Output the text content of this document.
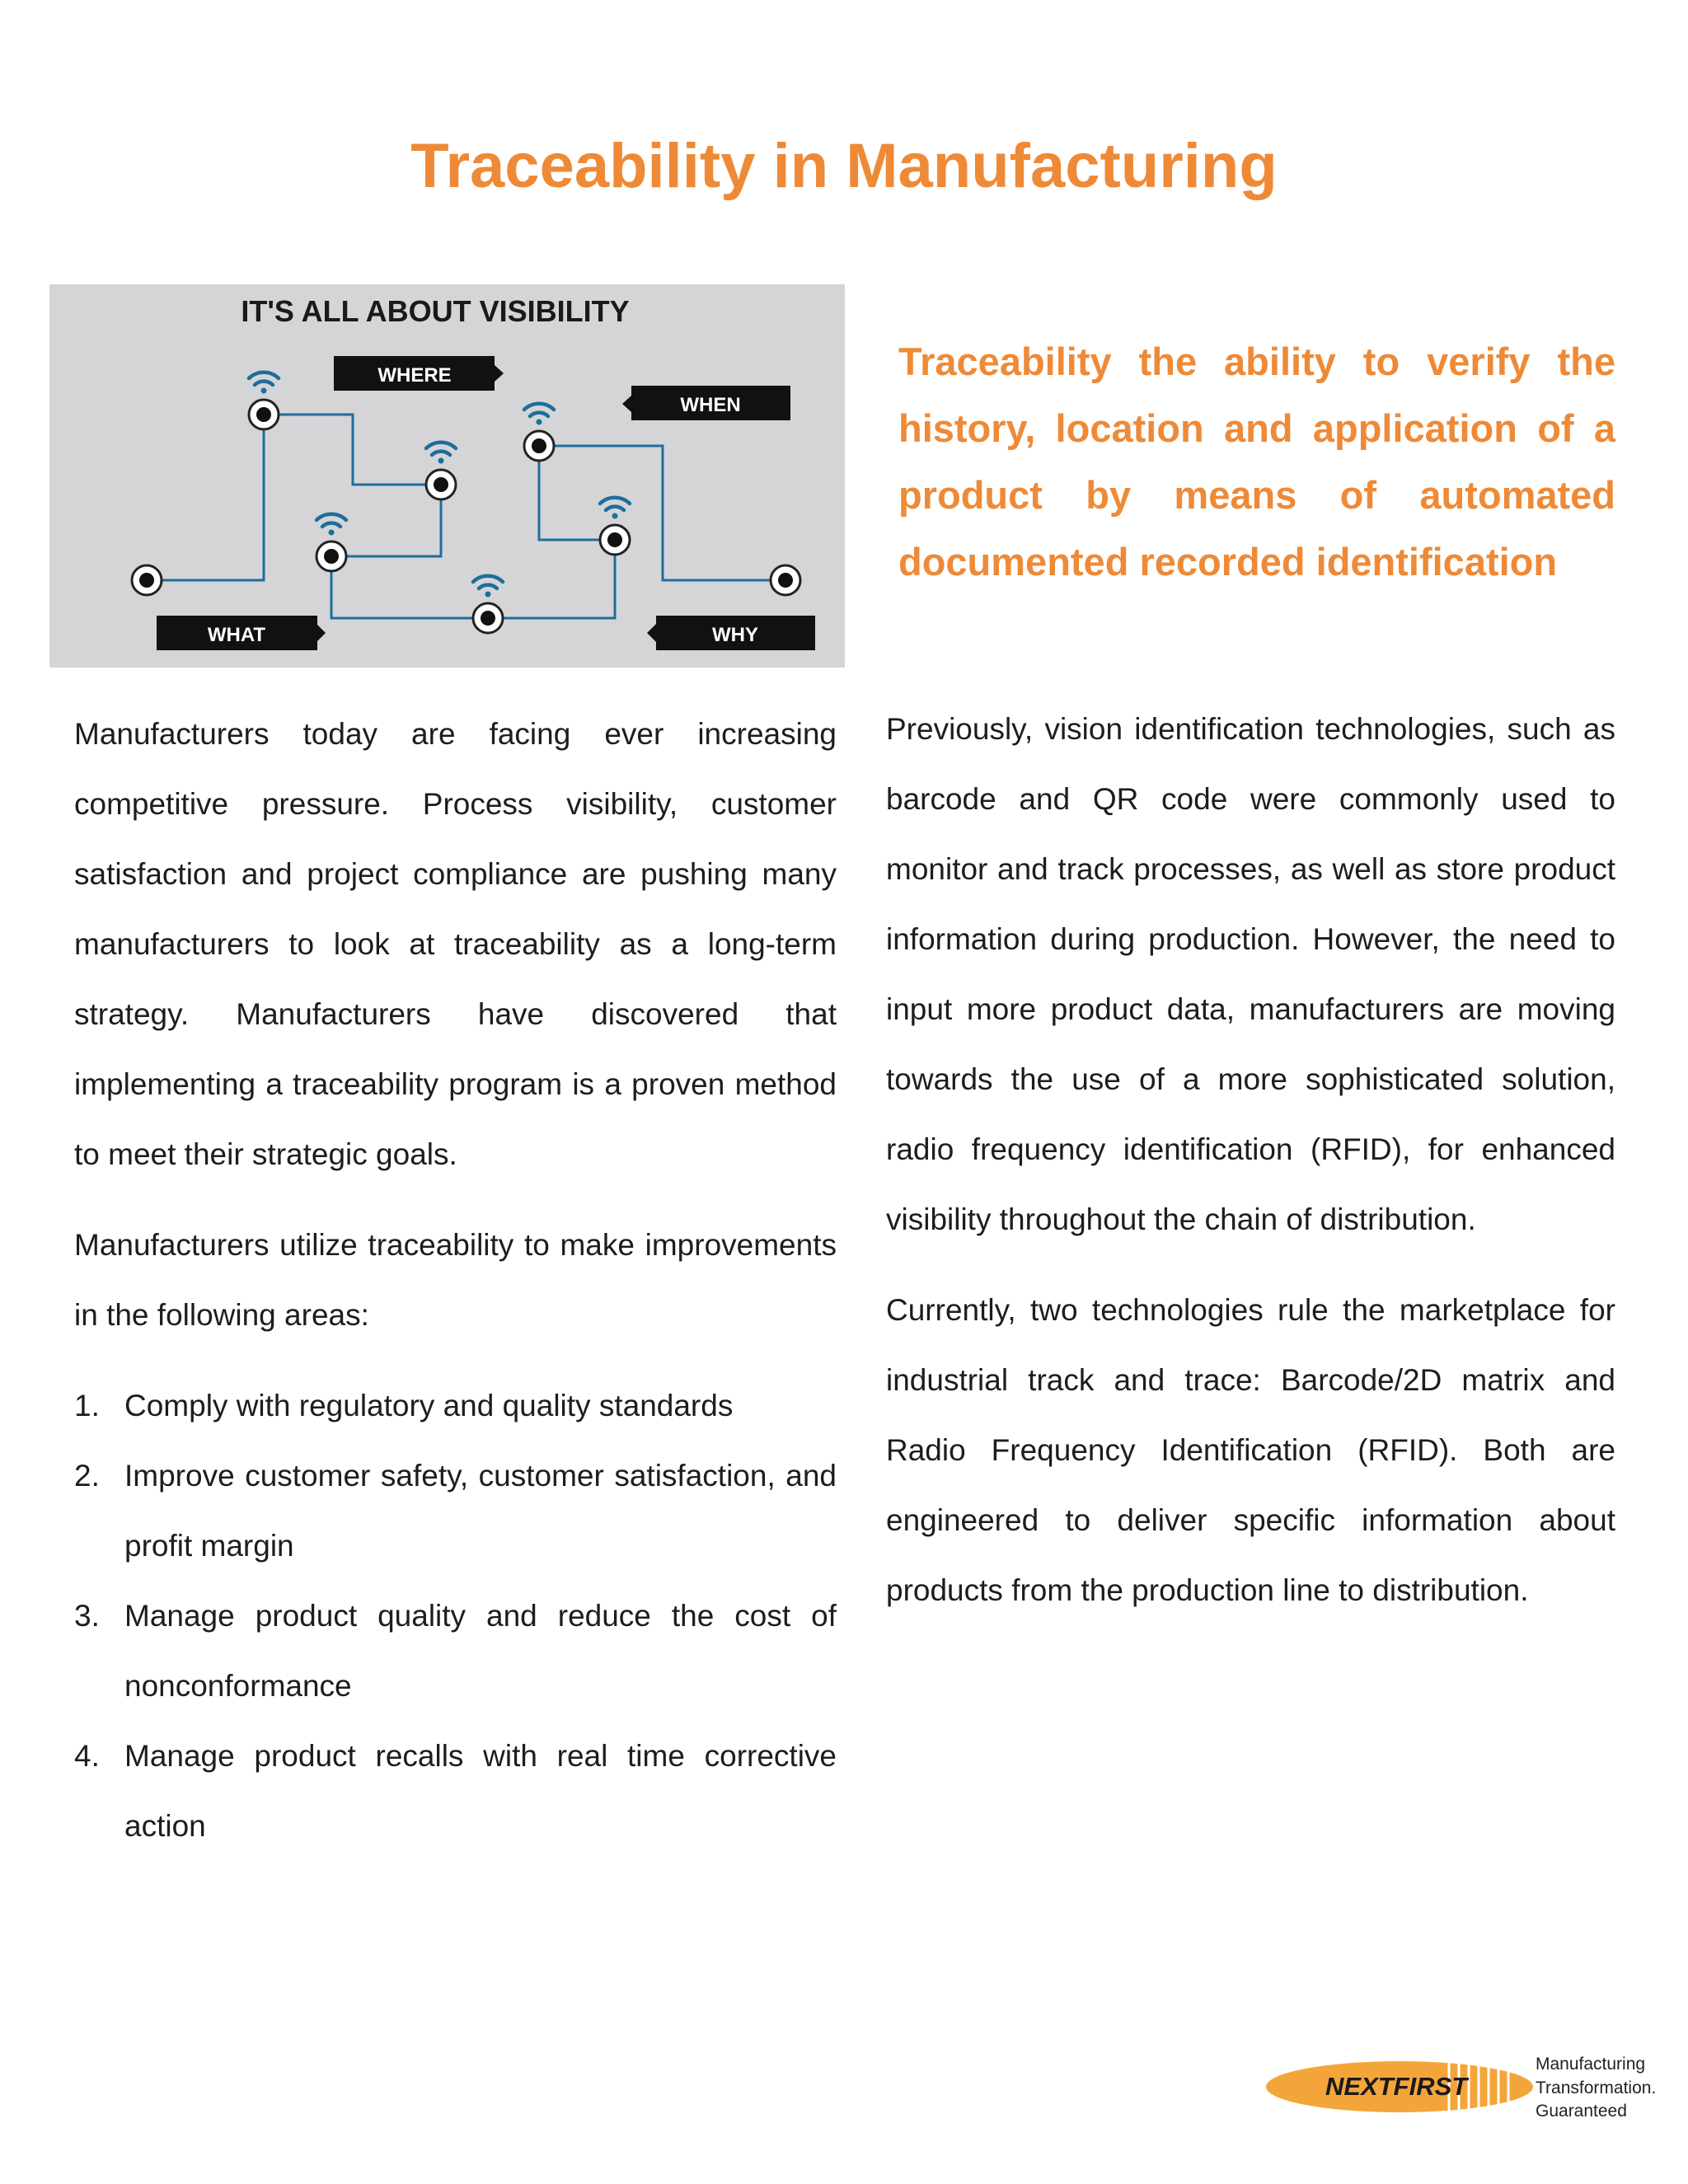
Traceability in Manufacturing
IT'S ALL ABOUT VISIBILITY
WHERE
WHEN
WHAT	WHY

Traceability the ability to verify the history, location and application of a product by means of automated documented recorded identification

Manufacturers today are facing ever increasing competitive pressure. Process visibility, customer satisfaction and project compliance are pushing many manufacturers to look at traceability as a long-term strategy. Manufacturers have discovered that implementing a traceability program is a proven method to meet their strategic goals.

Manufacturers utilize traceability to make improvements in the following areas:

1. Comply with regulatory and quality standards
2. Improve customer safety, customer satisfaction, and profit margin
3. Manage product quality and reduce the cost of nonconformance
4. Manage product recalls with real time corrective action

Previously, vision identification technologies, such as barcode and QR code were commonly used to monitor and track processes, as well as store product information during production. However, the need to input more product data, manufacturers are moving towards the use of a more sophisticated solution, radio frequency identification (RFID), for enhanced visibility throughout the chain of distribution.

Currently, two technologies rule the marketplace for industrial track and trace: Barcode/2D matrix and Radio Frequency Identification (RFID). Both are engineered to deliver specific information about products from the production line to distribution.

NEXTFIRST
Manufacturing
Transformation.
Guaranteed
